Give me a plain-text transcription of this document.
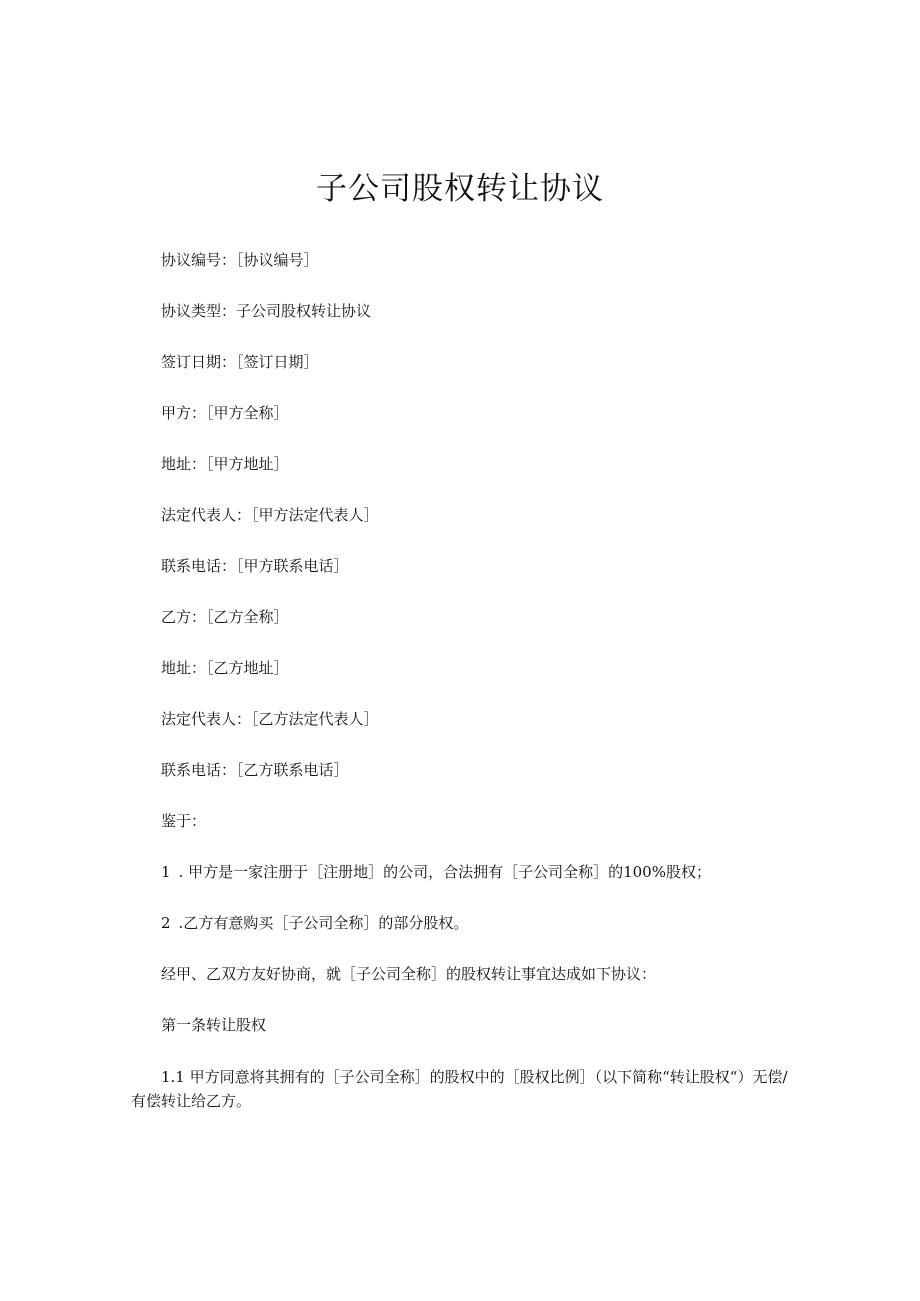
子公司股权转让协议
协议编号：［协议编号］
协议类型：子公司股权转让协议
签订日期：［签订日期］
甲方：［甲方全称］
地址：［甲方地址］
法定代表人：［甲方法定代表人］
联系电话：［甲方联系电话］
乙方：［乙方全称］
地址：［乙方地址］
法定代表人：［乙方法定代表人］
联系电话：［乙方联系电话］
鉴于：
1 . 甲方是一家注册于［注册地］的公司，合法拥有［子公司全称］的100%股权；
2 .乙方有意购买［子公司全称］的部分股权。
经甲、乙双方友好协商，就［子公司全称］的股权转让事宜达成如下协议：
第一条转让股权
1.1 甲方同意将其拥有的［子公司全称］的股权中的［股权比例］（以下简称“转让股权“）无偿/有偿转让给乙方。
